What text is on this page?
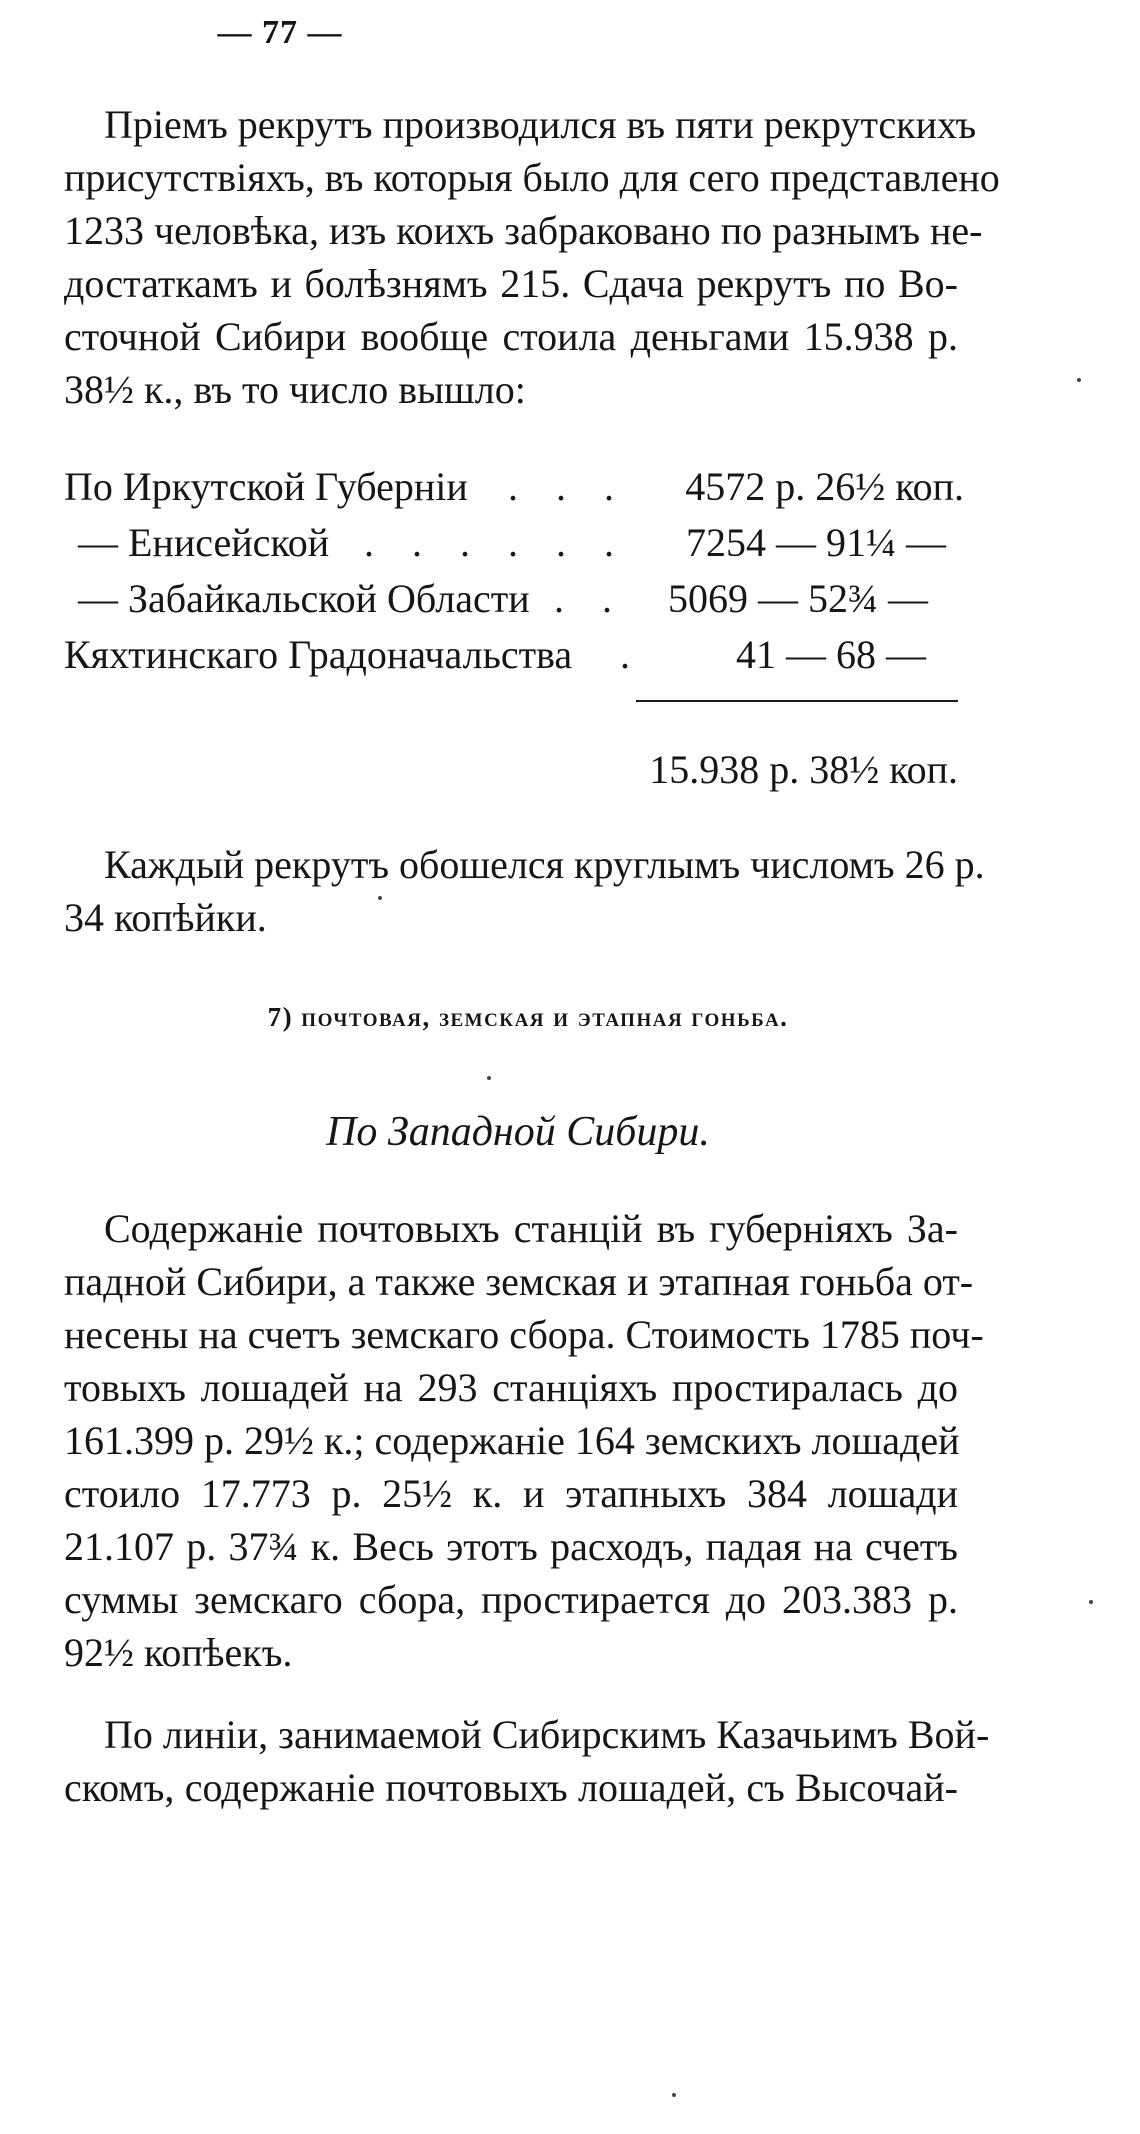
— 77 —

Пріемъ рекрутъ производился въ пяти рекрутскихъ
присутствіяхъ, въ которыя было для сего представлено
1233 человѣка, изъ коихъ забраковано по разнымъ не-
достаткамъ и болѣзнямъ 215. Сдача рекрутъ по Во-
сточной Сибири вообще стоила деньгами 15.938 р.
38½ к., въ то число вышло:

По Иркутской Губерніи . . . 4572 р. 26½ коп.
— Енисейской . . . . . . 7254 — 91¼ —
— Забайкальской Области . . 5069 — 52¾ —
Кяхтинскаго Градоначальства . 41 — 68 —
15.938 р. 38½ коп.

Каждый рекрутъ обошелся круглымъ числомъ 26 р.
34 копѣйки.

7) почтовая, земская и этапная гоньба.
По Западной Сибири.

Содержаніе почтовыхъ станцій въ губерніяхъ За-
падной Сибири, а также земская и этапная гоньба от-
несены на счетъ земскаго сбора. Стоимость 1785 поч-
товыхъ лошадей на 293 станціяхъ простиралась до
161.399 р. 29½ к.; содержаніе 164 земскихъ лошадей
стоило 17.773 р. 25½ к. и этапныхъ 384 лошади
21.107 р. 37¾ к. Весь этотъ расходъ, падая на счетъ
суммы земскаго сбора, простирается до 203.383 р.
92½ копѣекъ.

По линіи, занимаемой Сибирскимъ Казачьимъ Вой-
скомъ, содержаніе почтовыхъ лошадей, съ Высочай-
